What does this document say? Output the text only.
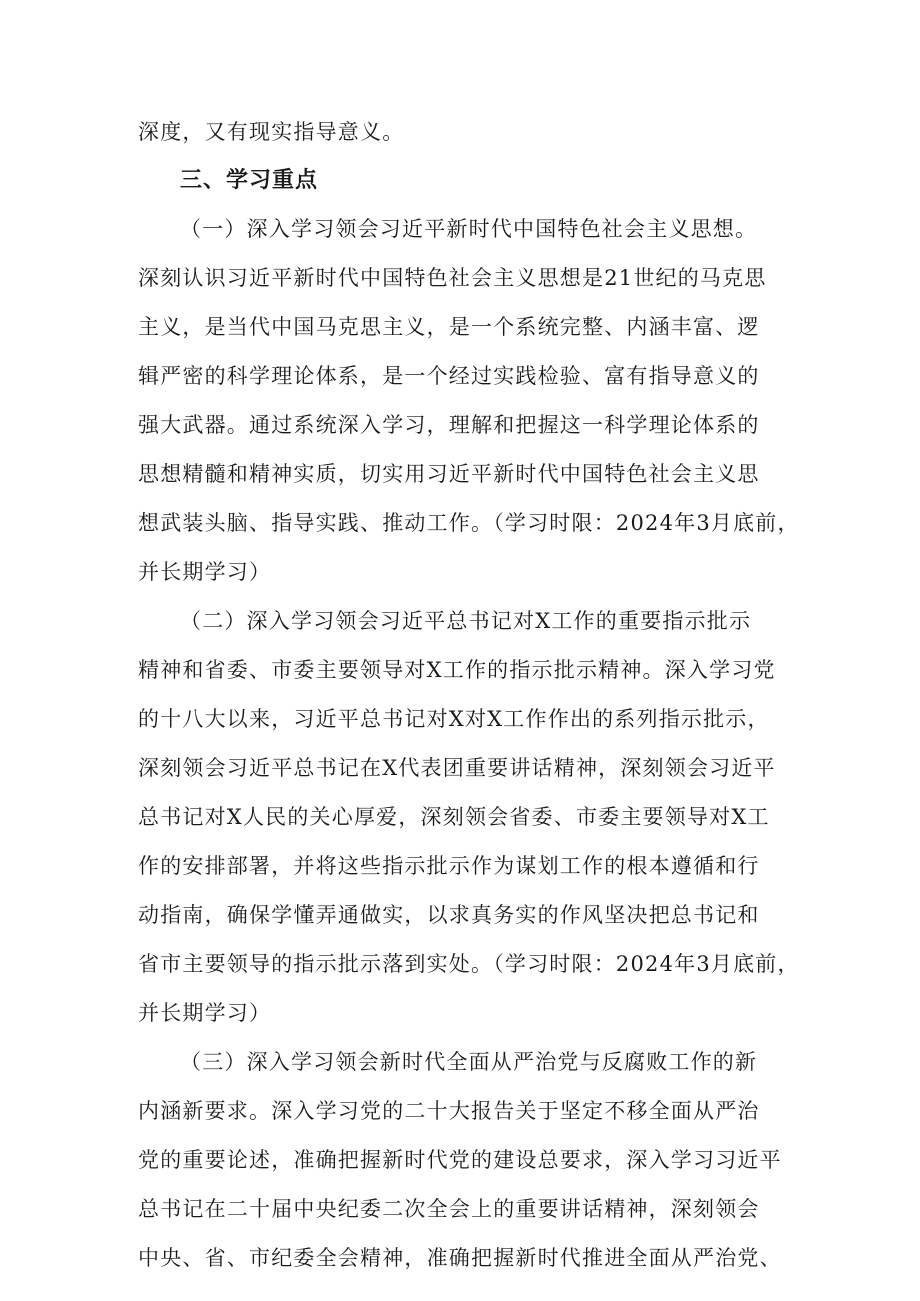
深度，又有现实指导意义。
三、学习重点
（一）深入学习领会习近平新时代中国特色社会主义思想。
深刻认识习近平新时代中国特色社会主义思想是21世纪的马克思
主义，是当代中国马克思主义，是一个系统完整、内涵丰富、逻
辑严密的科学理论体系，是一个经过实践检验、富有指导意义的
强大武器。通过系统深入学习，理解和把握这一科学理论体系的
思想精髓和精神实质，切实用习近平新时代中国特色社会主义思
想武装头脑、指导实践、推动工作。（学习时限：2024年3月底前，
并长期学习）
（二）深入学习领会习近平总书记对X工作的重要指示批示
精神和省委、市委主要领导对X工作的指示批示精神。深入学习党
的十八大以来，习近平总书记对X对X工作作出的系列指示批示，
深刻领会习近平总书记在X代表团重要讲话精神，深刻领会习近平
总书记对X人民的关心厚爱，深刻领会省委、市委主要领导对X工
作的安排部署，并将这些指示批示作为谋划工作的根本遵循和行
动指南，确保学懂弄通做实，以求真务实的作风坚决把总书记和
省市主要领导的指示批示落到实处。（学习时限：2024年3月底前，
并长期学习）
（三）深入学习领会新时代全面从严治党与反腐败工作的新
内涵新要求。深入学习党的二十大报告关于坚定不移全面从严治
党的重要论述，准确把握新时代党的建设总要求，深入学习习近平
总书记在二十届中央纪委二次全会上的重要讲话精神，深刻领会
中央、省、市纪委全会精神，准确把握新时代推进全面从严治党、
